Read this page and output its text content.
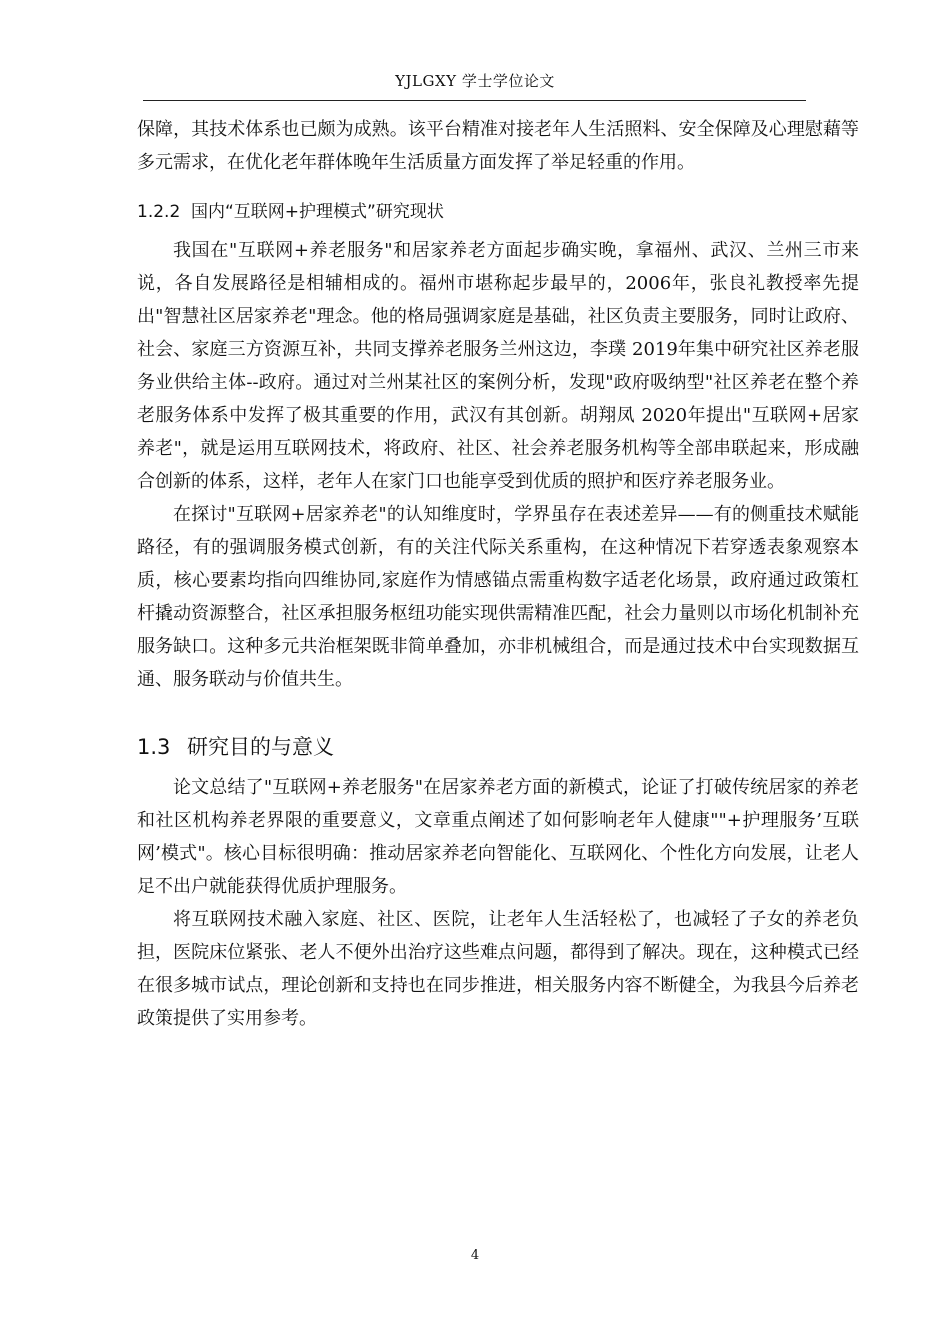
YJLGXY 学士学位论文

保障，其技术体系也已颇为成熟。该平台精准对接老年人生活照料、安全保障及心理慰藉等多元需求，在优化老年群体晚年生活质量方面发挥了举足轻重的作用。

1.2.2 国内“互联网+护理模式”研究现状

我国在"互联网+养老服务"和居家养老方面起步确实晚，拿福州、武汉、兰州三市来说，各自发展路径是相辅相成的。福州市堪称起步最早的，2006年，张良礼教授率先提出"智慧社区居家养老"理念。他的格局强调家庭是基础，社区负责主要服务，同时让政府、社会、家庭三方资源互补，共同支撑养老服务兰州这边，李璞 2019年集中研究社区养老服务业供给主体--政府。通过对兰州某社区的案例分析，发现"政府吸纳型"社区养老在整个养老服务体系中发挥了极其重要的作用，武汉有其创新。胡翔凤 2020年提出"互联网+居家养老"，就是运用互联网技术，将政府、社区、社会养老服务机构等全部串联起来，形成融合创新的体系，这样，老年人在家门口也能享受到优质的照护和医疗养老服务业。

在探讨"互联网+居家养老"的认知维度时，学界虽存在表述差异——有的侧重技术赋能路径，有的强调服务模式创新，有的关注代际关系重构，在这种情况下若穿透表象观察本质，核心要素均指向四维协同,家庭作为情感锚点需重构数字适老化场景，政府通过政策杠杆撬动资源整合，社区承担服务枢纽功能实现供需精准匹配，社会力量则以市场化机制补充服务缺口。这种多元共治框架既非简单叠加，亦非机械组合，而是通过技术中台实现数据互通、服务联动与价值共生。

1.3 研究目的与意义

论文总结了"互联网+养老服务"在居家养老方面的新模式，论证了打破传统居家的养老和社区机构养老界限的重要意义，文章重点阐述了如何影响老年人健康""+护理服务’互联网’模式"。核心目标很明确：推动居家养老向智能化、互联网化、个性化方向发展，让老人足不出户就能获得优质护理服务。

将互联网技术融入家庭、社区、医院，让老年人生活轻松了，也减轻了子女的养老负担，医院床位紧张、老人不便外出治疗这些难点问题，都得到了解决。现在，这种模式已经在很多城市试点，理论创新和支持也在同步推进，相关服务内容不断健全，为我县今后养老政策提供了实用参考。

4
